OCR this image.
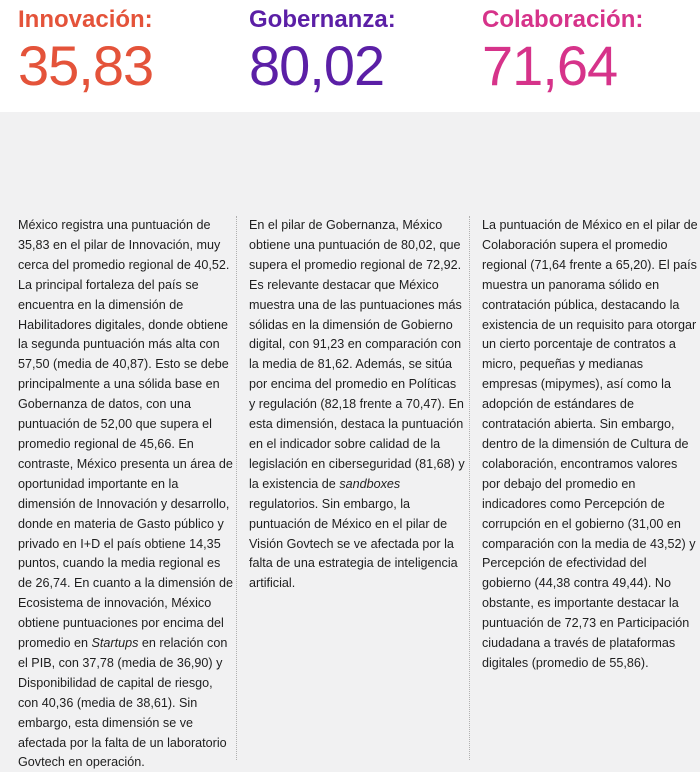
Innovación:
35,83
Gobernanza:
80,02
Colaboración:
71,64
México registra una puntuación de 35,83 en el pilar de Innovación, muy cerca del promedio regional de 40,52. La principal fortaleza del país se encuentra en la dimensión de Habilitadores digitales, donde obtiene la segunda puntuación más alta con 57,50 (media de 40,87). Esto se debe principalmente a una sólida base en Gobernanza de datos, con una puntuación de 52,00 que supera el promedio regional de 45,66. En contraste, México presenta un área de oportunidad importante en la dimensión de Innovación y desarrollo, donde en materia de Gasto público y privado en I+D el país obtiene 14,35 puntos, cuando la media regional es de 26,74. En cuanto a la dimensión de Ecosistema de innovación, México obtiene puntuaciones por encima del promedio en Startups en relación con el PIB, con 37,78 (media de 36,90) y Disponibilidad de capital de riesgo, con 40,36 (media de 38,61). Sin embargo, esta dimensión se ve afectada por la falta de un laboratorio Govtech en operación.
En el pilar de Gobernanza, México obtiene una puntuación de 80,02, que supera el promedio regional de 72,92. Es relevante destacar que México muestra una de las puntuaciones más sólidas en la dimensión de Gobierno digital, con 91,23 en comparación con la media de 81,62. Además, se sitúa por encima del promedio en Políticas y regulación (82,18 frente a 70,47). En esta dimensión, destaca la puntuación en el indicador sobre calidad de la legislación en ciberseguridad (81,68) y la existencia de sandboxes regulatorios. Sin embargo, la puntuación de México en el pilar de Visión Govtech se ve afectada por la falta de una estrategia de inteligencia artificial.
La puntuación de México en el pilar de Colaboración supera el promedio regional (71,64 frente a 65,20). El país muestra un panorama sólido en contratación pública, destacando la existencia de un requisito para otorgar un cierto porcentaje de contratos a micro, pequeñas y medianas empresas (mipymes), así como la adopción de estándares de contratación abierta. Sin embargo, dentro de la dimensión de Cultura de colaboración, encontramos valores por debajo del promedio en indicadores como Percepción de corrupción en el gobierno (31,00 en comparación con la media de 43,52) y Percepción de efectividad del gobierno (44,38 contra 49,44). No obstante, es importante destacar la puntuación de 72,73 en Participación ciudadana a través de plataformas digitales (promedio de 55,86).
